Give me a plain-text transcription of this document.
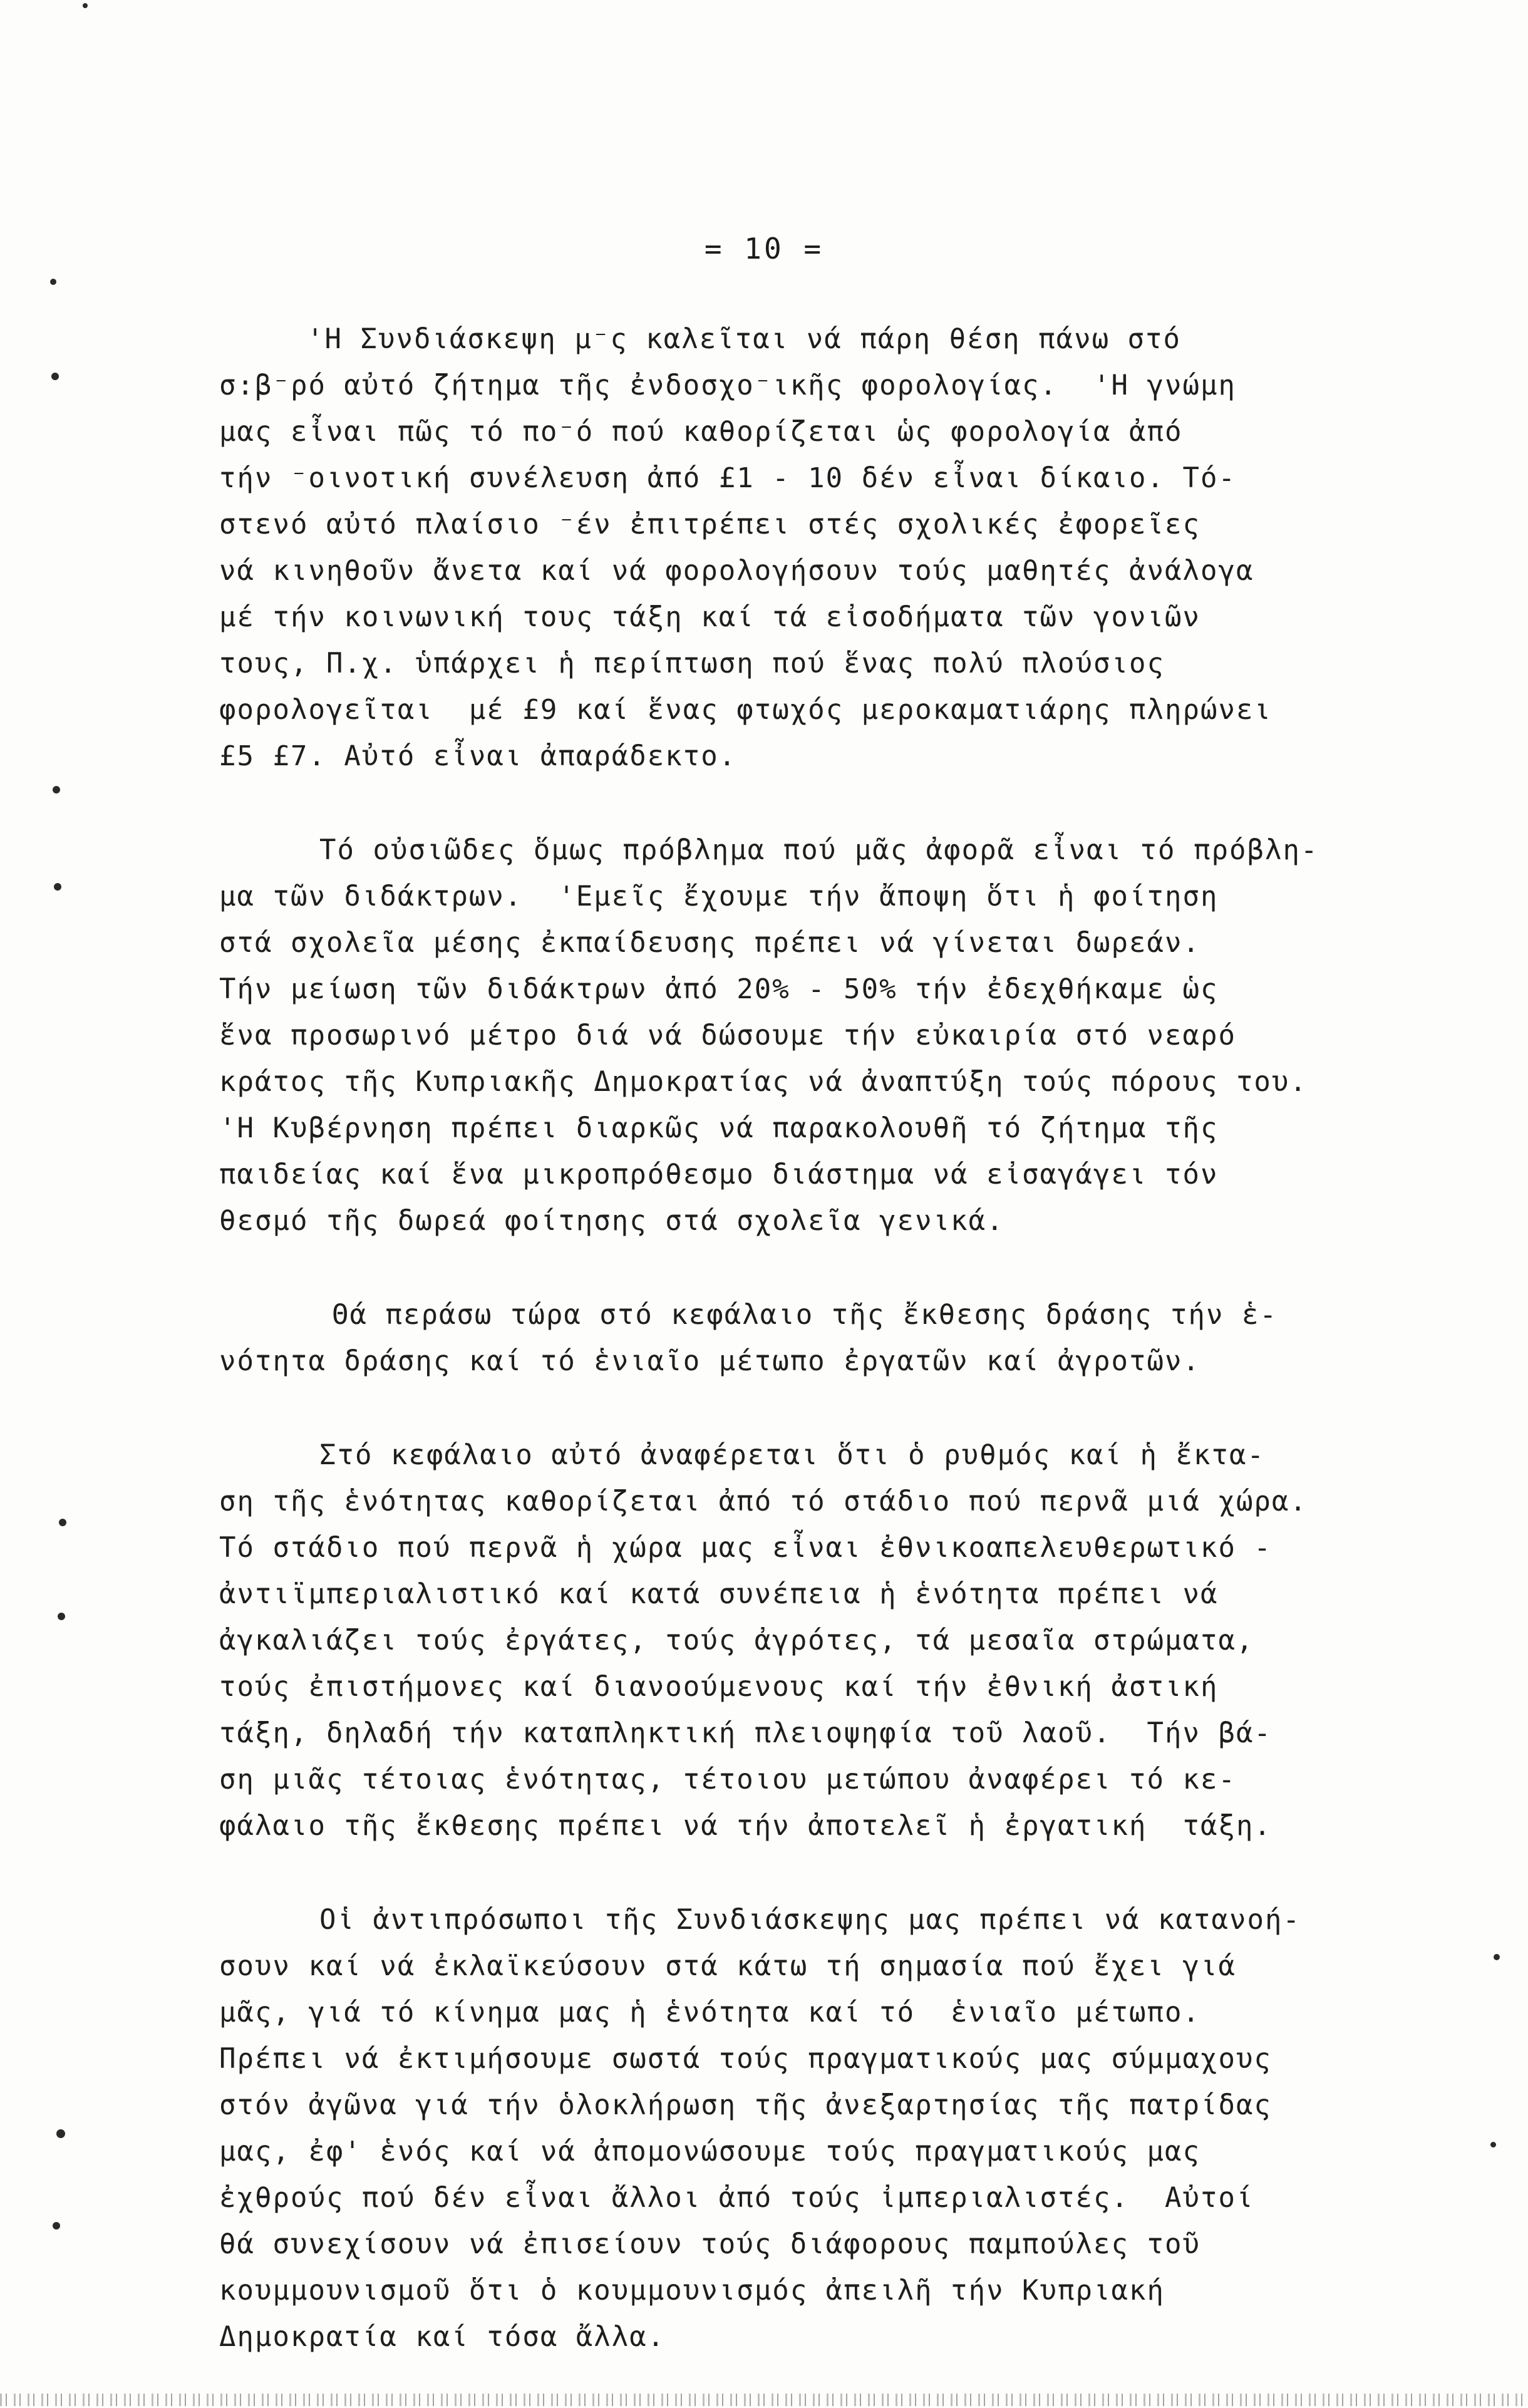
= 10 =
'Η Συνδιάσκεψη μ⁻ς καλεῖται νά πάρη θέση πάνω στό
σ:β⁻ρό αὐτό ζήτημα τῆς ἐνδοσχο⁻ικῆς φορολογίας.  'Η γνώμη
μας εἶναι πῶς τό πο⁻ό πού καθορίζεται ὡς φορολογία ἀπό
τήν ⁻οινοτική συνέλευση ἀπό £1 - 10 δέν εἶναι δίκαιο. Τό-
στενό αὐτό πλαίσιο ⁻έν ἐπιτρέπει στές σχολικές ἐφορεῖες
νά κινηθοῦν ἄνετα καί νά φορολογήσουν τούς μαθητές ἀνάλογα
μέ τήν κοινωνική τους τάξη καί τά εἰσοδήματα τῶν γονιῶν
τους, Π.χ. ὑπάρχει ἡ περίπτωση πού ἕνας πολύ πλούσιος
φορολογεῖται  μέ £9 καί ἕνας φτωχός μεροκαματιάρης πληρώνει
£5 £7. Αὐτό εἶναι ἀπαράδεκτο.
Τό οὐσιῶδες ὅμως πρόβλημα πού μᾶς ἀφορᾶ εἶναι τό πρόβλη-
μα τῶν διδάκτρων.  'Εμεῖς ἔχουμε τήν ἄποψη ὅτι ἡ φοίτηση
στά σχολεῖα μέσης ἐκπαίδευσης πρέπει νά γίνεται δωρεάν.
Τήν μείωση τῶν διδάκτρων ἀπό 20% - 50% τήν ἐδεχθήκαμε ὡς
ἕνα προσωρινό μέτρο διά νά δώσουμε τήν εὐκαιρία στό νεαρό
κράτος τῆς Κυπριακῆς Δημοκρατίας νά ἀναπτύξη τούς πόρους του.
'Η Κυβέρνηση πρέπει διαρκῶς νά παρακολουθῆ τό ζήτημα τῆς
παιδείας καί ἕνα μικροπρόθεσμο διάστημα νά εἰσαγάγει τόν
θεσμό τῆς δωρεά φοίτησης στά σχολεῖα γενικά.
Θά περάσω τώρα στό κεφάλαιο τῆς ἔκθεσης δράσης τήν ἑ-
νότητα δράσης καί τό ἑνιαῖο μέτωπο ἐργατῶν καί ἀγροτῶν.
Στό κεφάλαιο αὐτό ἀναφέρεται ὅτι ὁ ρυθμός καί ἡ ἔκτα-
ση τῆς ἑνότητας καθορίζεται ἀπό τό στάδιο πού περνᾶ μιά χώρα.
Τό στάδιο πού περνᾶ ἡ χώρα μας εἶναι ἐθνικοαπελευθερωτικό -
ἀντιϊμπεριαλιστικό καί κατά συνέπεια ἡ ἑνότητα πρέπει νά
ἀγκαλιάζει τούς ἐργάτες, τούς ἀγρότες, τά μεσαῖα στρώματα,
τούς ἐπιστήμονες καί διανοούμενους καί τήν ἐθνική ἀστική
τάξη, δηλαδή τήν καταπληκτική πλειοψηφία τοῦ λαοῦ.  Τήν βά-
ση μιᾶς τέτοιας ἑνότητας, τέτοιου μετώπου ἀναφέρει τό κε-
φάλαιο τῆς ἔκθεσης πρέπει νά τήν ἀποτελεῖ ἡ ἐργατική  τάξη.
Οἱ ἀντιπρόσωποι τῆς Συνδιάσκεψης μας πρέπει νά κατανοή-
σουν καί νά ἐκλαϊκεύσουν στά κάτω τή σημασία πού ἔχει γιά
μᾶς, γιά τό κίνημα μας ἡ ἑνότητα καί τό  ἑνιαῖο μέτωπο.
Πρέπει νά ἐκτιμήσουμε σωστά τούς πραγματικούς μας σύμμαχους
στόν ἀγῶνα γιά τήν ὁλοκλήρωση τῆς ἀνεξαρτησίας τῆς πατρίδας
μας, ἐφ' ἑνός καί νά ἀπομονώσουμε τούς πραγματικούς μας
ἐχθρούς πού δέν εἶναι ἄλλοι ἀπό τούς ἰμπεριαλιστές.  Αὐτοί
θά συνεχίσουν νά ἐπισείουν τούς διάφορους παμπούλες τοῦ
κουμμουνισμοῦ ὅτι ὁ κουμμουνισμός ἀπειλῆ τήν Κυπριακή
Δημοκρατία καί τόσα ἄλλα.
